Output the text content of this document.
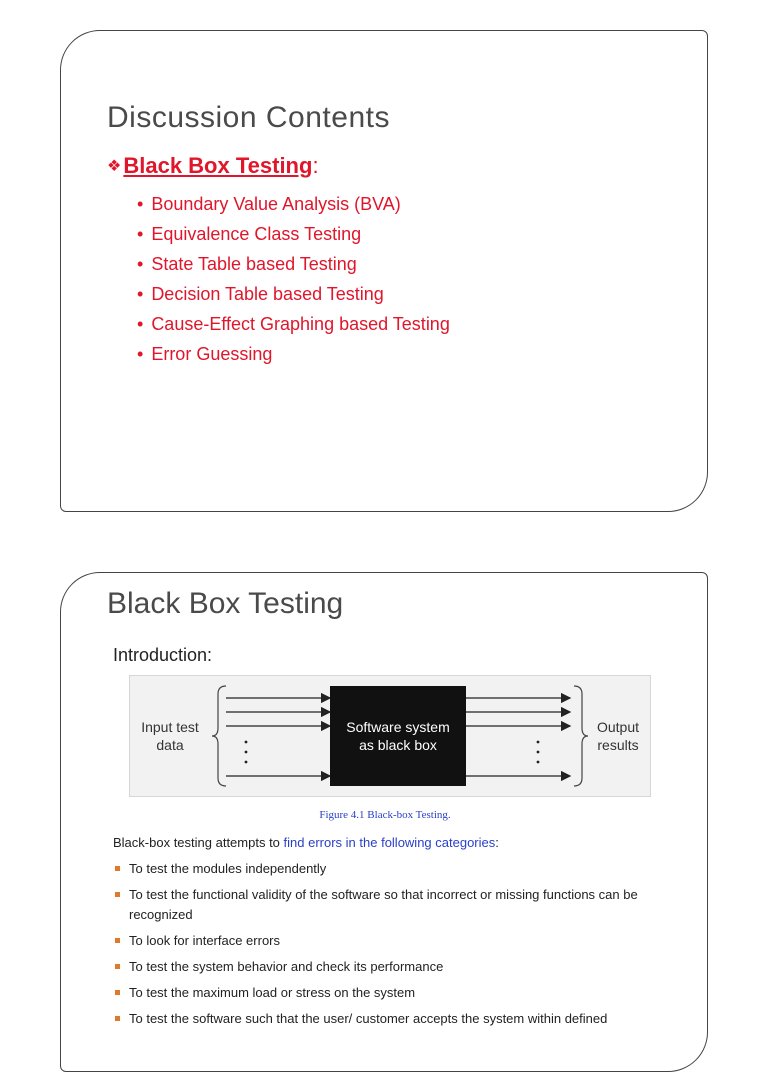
Discussion Contents
❖Black Box Testing:
• Boundary Value Analysis (BVA)
• Equivalence Class Testing
• State Table based Testing
• Decision Table based Testing
• Cause-Effect Graphing based Testing
• Error Guessing
Black Box Testing
Introduction:
Input test
data
Software system
as black box
Output
results
Figure 4.1 Black-box Testing.
Black-box testing attempts to find errors in the following categories:
To test the modules independently
To test the functional validity of the software so that incorrect or missing functions can be recognized
To look for interface errors
To test the system behavior and check its performance
To test the maximum load or stress on the system
To test the software such that the user/ customer accepts the system within defined
